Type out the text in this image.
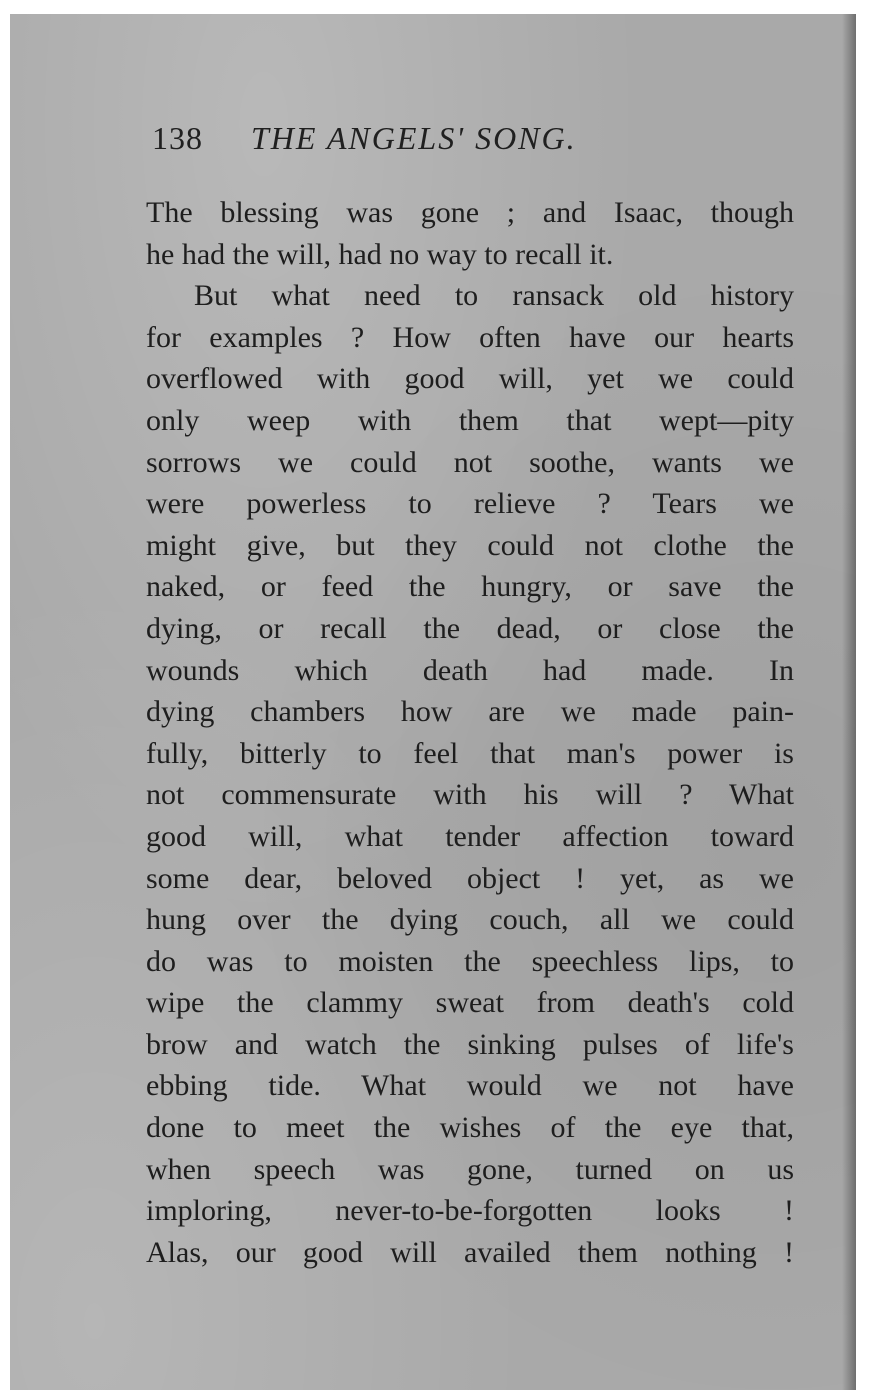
138 THE ANGELS' SONG.
The blessing was gone ; and Isaac, though
he had the will, had no way to recall it.
But what need to ransack old history
for examples ? How often have our hearts
overflowed with good will, yet we could
only weep with them that wept—pity
sorrows we could not soothe, wants we
were powerless to relieve ? Tears we
might give, but they could not clothe the
naked, or feed the hungry, or save the
dying, or recall the dead, or close the
wounds which death had made. In
dying chambers how are we made pain-
fully, bitterly to feel that man's power is
not commensurate with his will ? What
good will, what tender affection toward
some dear, beloved object ! yet, as we
hung over the dying couch, all we could
do was to moisten the speechless lips, to
wipe the clammy sweat from death's cold
brow and watch the sinking pulses of life's
ebbing tide. What would we not have
done to meet the wishes of the eye that,
when speech was gone, turned on us
imploring, never-to-be-forgotten looks !
Alas, our good will availed them nothing !
